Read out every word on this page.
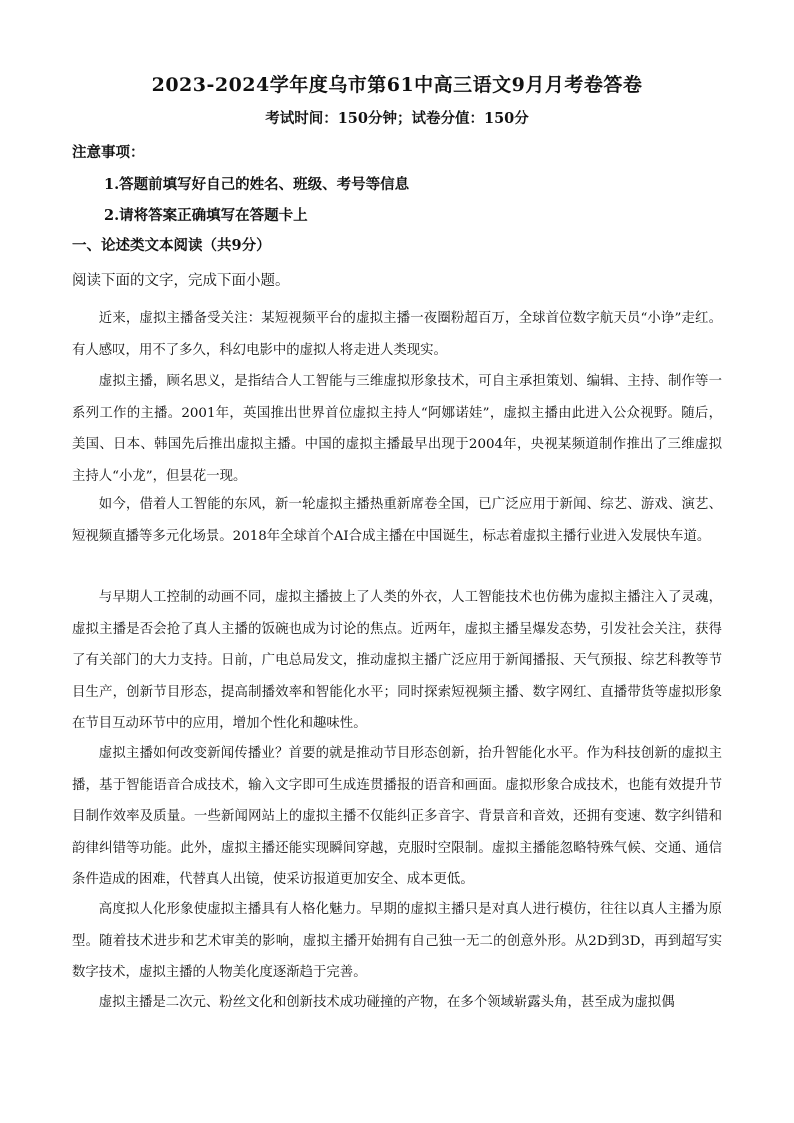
2023-2024学年度乌市第61中高三语文9月月考卷答卷
考试时间：150分钟；试卷分值：150分
注意事项：
1.答题前填写好自己的姓名、班级、考号等信息
2.请将答案正确填写在答题卡上
一、论述类文本阅读（共9分）
阅读下面的文字，完成下面小题。
近来，虚拟主播备受关注：某短视频平台的虚拟主播一夜圈粉超百万，全球首位数字航天员“小诤”走红。有人感叹，用不了多久，科幻电影中的虚拟人将走进人类现实。
虚拟主播，顾名思义，是指结合人工智能与三维虚拟形象技术，可自主承担策划、编辑、主持、制作等一系列工作的主播。2001年，英国推出世界首位虚拟主持人“阿娜诺娃”，虚拟主播由此进入公众视野。随后，美国、日本、韩国先后推出虚拟主播。中国的虚拟主播最早出现于2004年，央视某频道制作推出了三维虚拟主持人“小龙”，但昙花一现。
如今，借着人工智能的东风，新一轮虚拟主播热重新席卷全国，已广泛应用于新闻、综艺、游戏、演艺、短视频直播等多元化场景。2018年全球首个AI合成主播在中国诞生，标志着虚拟主播行业进入发展快车道。
与早期人工控制的动画不同，虚拟主播披上了人类的外衣，人工智能技术也仿佛为虚拟主播注入了灵魂，虚拟主播是否会抢了真人主播的饭碗也成为讨论的焦点。近两年，虚拟主播呈爆发态势，引发社会关注，获得了有关部门的大力支持。日前，广电总局发文，推动虚拟主播广泛应用于新闻播报、天气预报、综艺科教等节目生产，创新节目形态，提高制播效率和智能化水平；同时探索短视频主播、数字网红、直播带货等虚拟形象在节目互动环节中的应用，增加个性化和趣味性。
虚拟主播如何改变新闻传播业？首要的就是推动节目形态创新，抬升智能化水平。作为科技创新的虚拟主播，基于智能语音合成技术，输入文字即可生成连贯播报的语音和画面。虚拟形象合成技术，也能有效提升节目制作效率及质量。一些新闻网站上的虚拟主播不仅能纠正多音字、背景音和音效，还拥有变速、数字纠错和韵律纠错等功能。此外，虚拟主播还能实现瞬间穿越，克服时空限制。虚拟主播能忽略特殊气候、交通、通信条件造成的困难，代替真人出镜，使采访报道更加安全、成本更低。
高度拟人化形象使虚拟主播具有人格化魅力。早期的虚拟主播只是对真人进行模仿，往往以真人主播为原型。随着技术进步和艺术审美的影响，虚拟主播开始拥有自己独一无二的创意外形。从2D到3D，再到超写实数字技术，虚拟主播的人物美化度逐渐趋于完善。
虚拟主播是二次元、粉丝文化和创新技术成功碰撞的产物，在多个领域崭露头角，甚至成为虚拟偶
